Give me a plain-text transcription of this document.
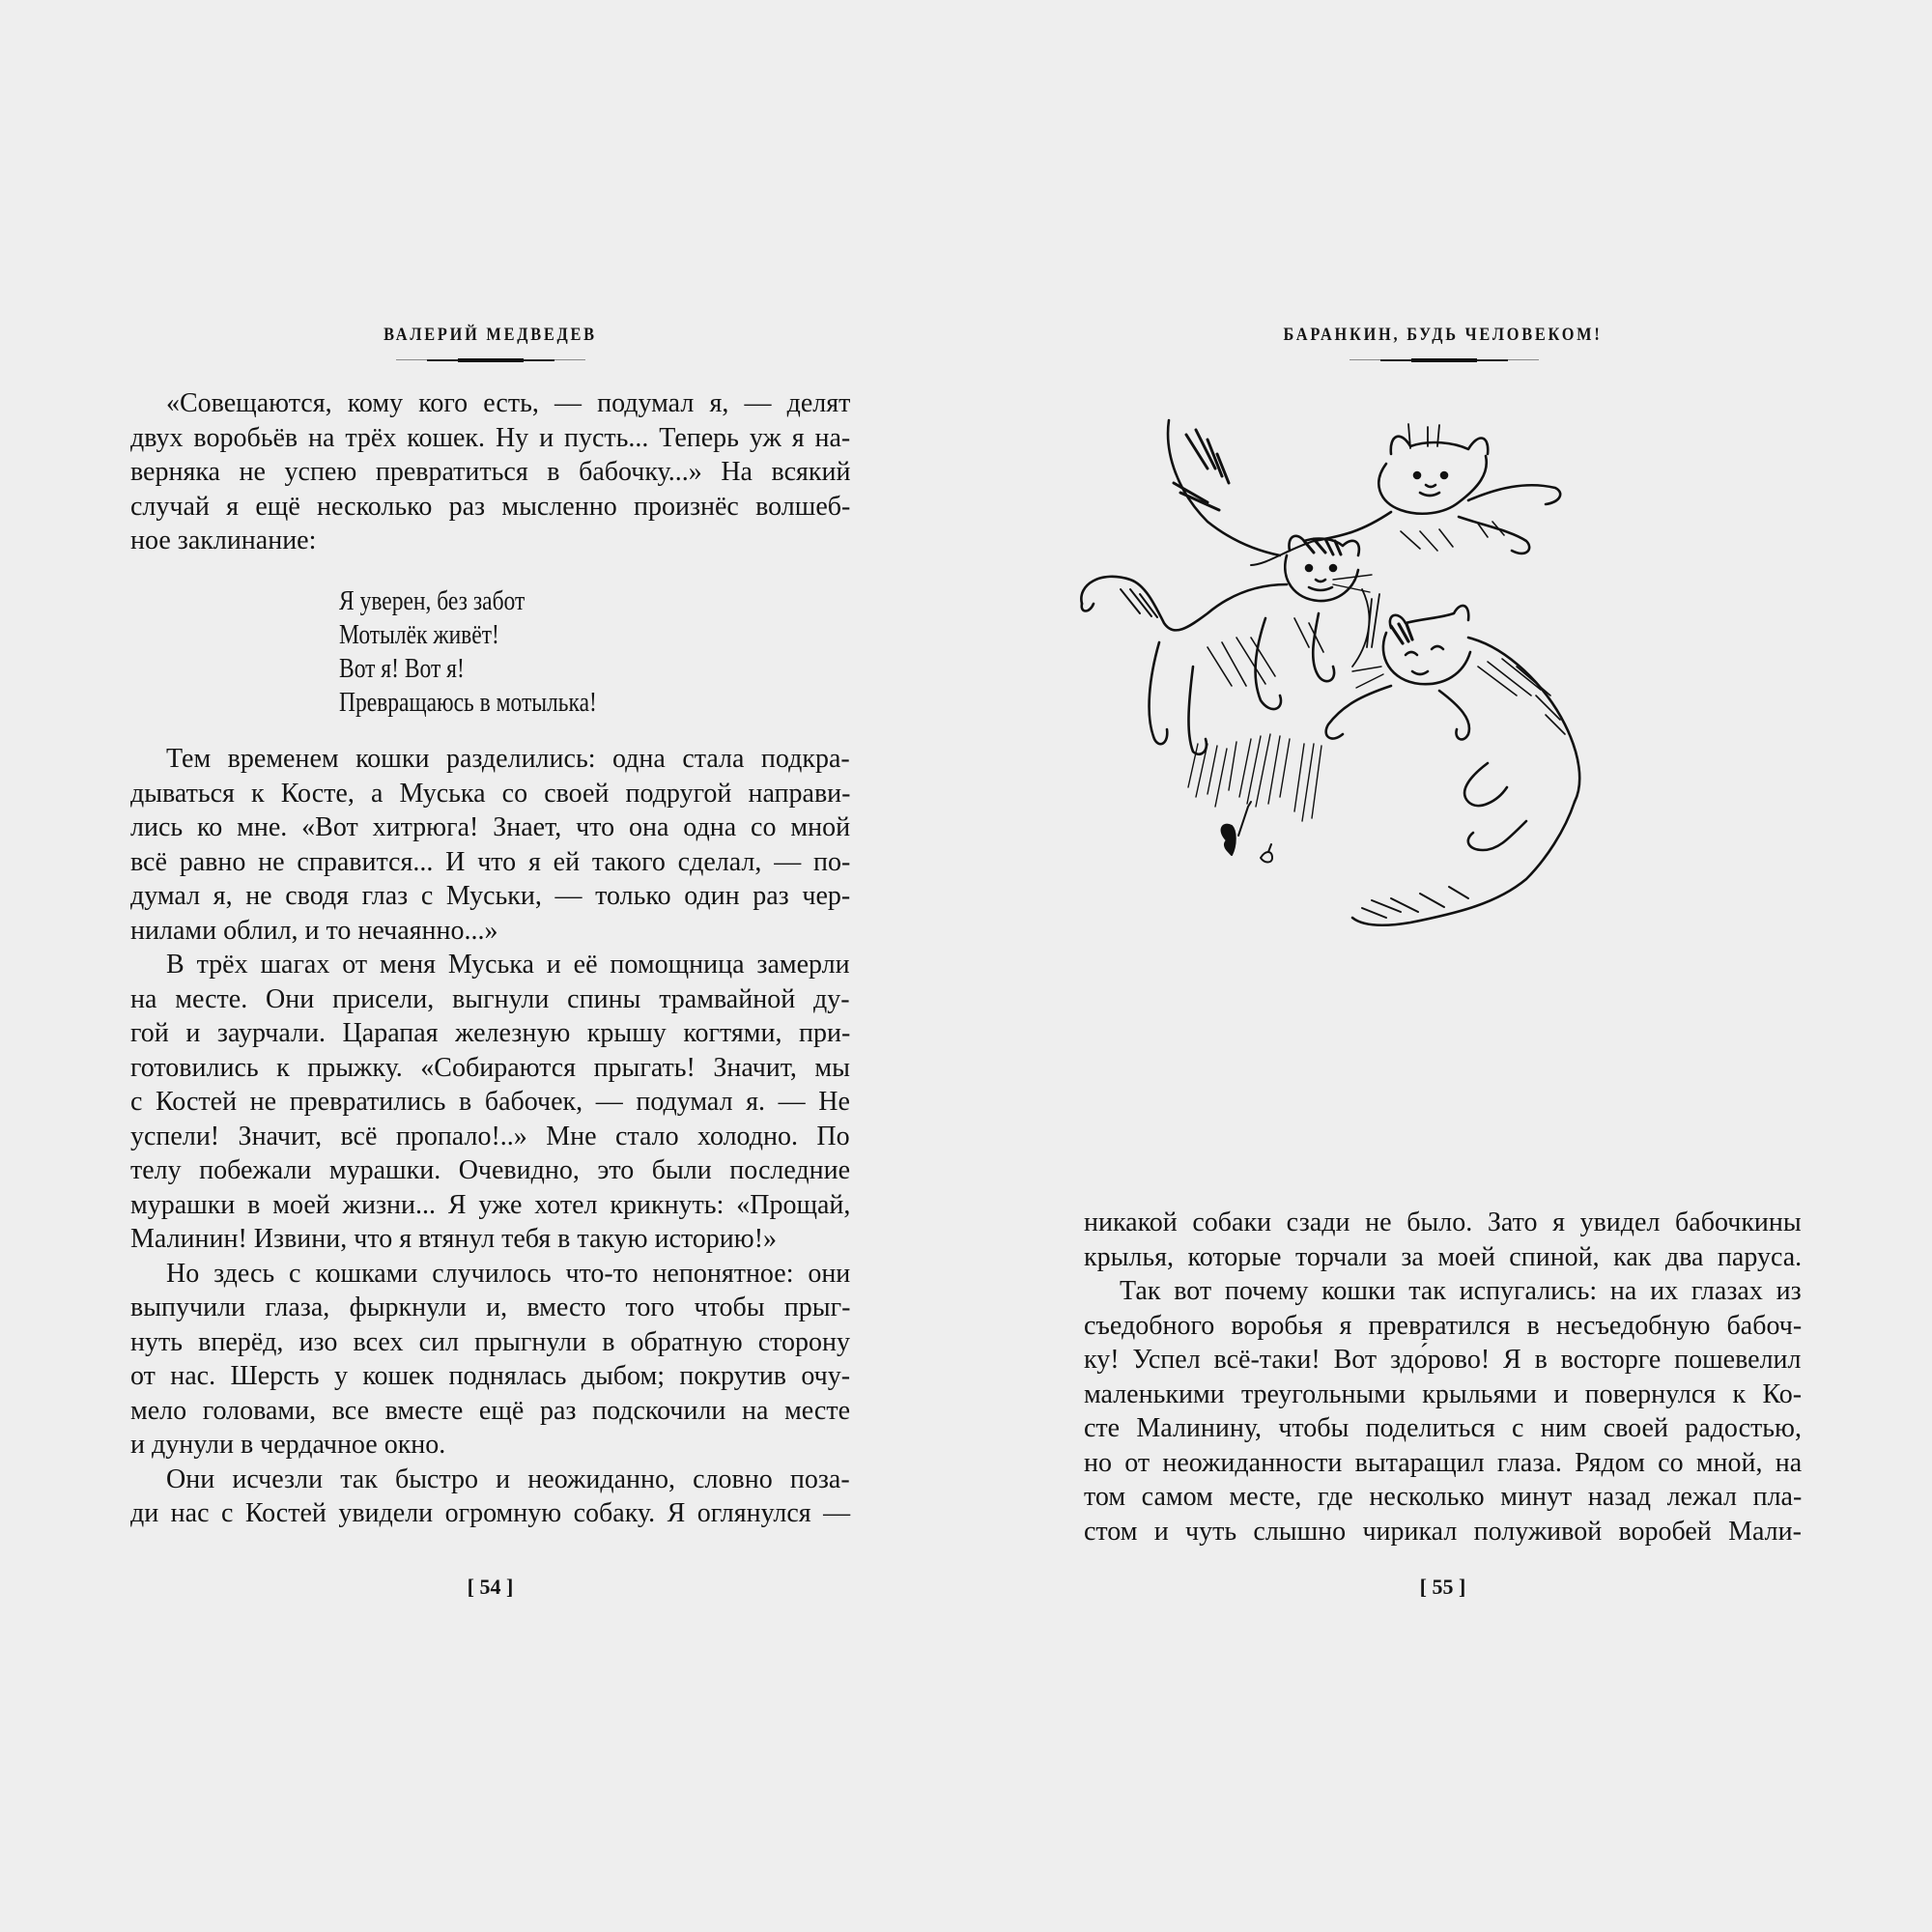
ВАЛЕРИЙ МЕДВЕДЕВ
«Совещаются, кому кого есть, — подумал я, — делят
двух воробьёв на трёх кошек. Ну и пусть... Теперь уж я на-
верняка не успею превратиться в бабочку...» На всякий
случай я ещё несколько раз мысленно произнёс волшеб-
ное заклинание:
Я уверен, без забот
Мотылёк живёт!
Вот я! Вот я!
Превращаюсь в мотылька!
Тем временем кошки разделились: одна стала подкра-
дываться к Косте, а Муська со своей подругой направи-
лись ко мне. «Вот хитрюга! Знает, что она одна со мной
всё равно не справится... И что я ей такого сделал, — по-
думал я, не сводя глаз с Муськи, — только один раз чер-
нилами облил, и то нечаянно...»
В трёх шагах от меня Муська и её помощница замерли
на месте. Они присели, выгнули спины трамвайной ду-
гой и заурчали. Царапая железную крышу когтями, при-
готовились к прыжку. «Собираются прыгать! Значит, мы
с Костей не превратились в бабочек, — подумал я. — Не
успели! Значит, всё пропало!..» Мне стало холодно. По
телу побежали мурашки. Очевидно, это были последние
мурашки в моей жизни... Я уже хотел крикнуть: «Прощай,
Малинин! Извини, что я втянул тебя в такую историю!»
Но здесь с кошками случилось что-то непонятное: они
выпучили глаза, фыркнули и, вместо того чтобы прыг-
нуть вперёд, изо всех сил прыгнули в обратную сторону
от нас. Шерсть у кошек поднялась дыбом; покрутив очу-
мело головами, все вместе ещё раз подскочили на месте
и дунули в чердачное окно.
Они исчезли так быстро и неожиданно, словно поза-
ди нас с Костей увидели огромную собаку. Я оглянулся —
[ 54 ]
БАРАНКИН, БУДЬ ЧЕЛОВЕКОМ!
никакой собаки сзади не было. Зато я увидел бабочкины
крылья, которые торчали за моей спиной, как два паруса.
Так вот почему кошки так испугались: на их глазах из
съедобного воробья я превратился в несъедобную бабоч-
ку! Успел всё-таки! Вот здо́рово! Я в восторге пошевелил
маленькими треугольными крыльями и повернулся к Ко-
сте Малинину, чтобы поделиться с ним своей радостью,
но от неожиданности вытаращил глаза. Рядом со мной, на
том самом месте, где несколько минут назад лежал пла-
стом и чуть слышно чирикал полуживой воробей Мали-
[ 55 ]
